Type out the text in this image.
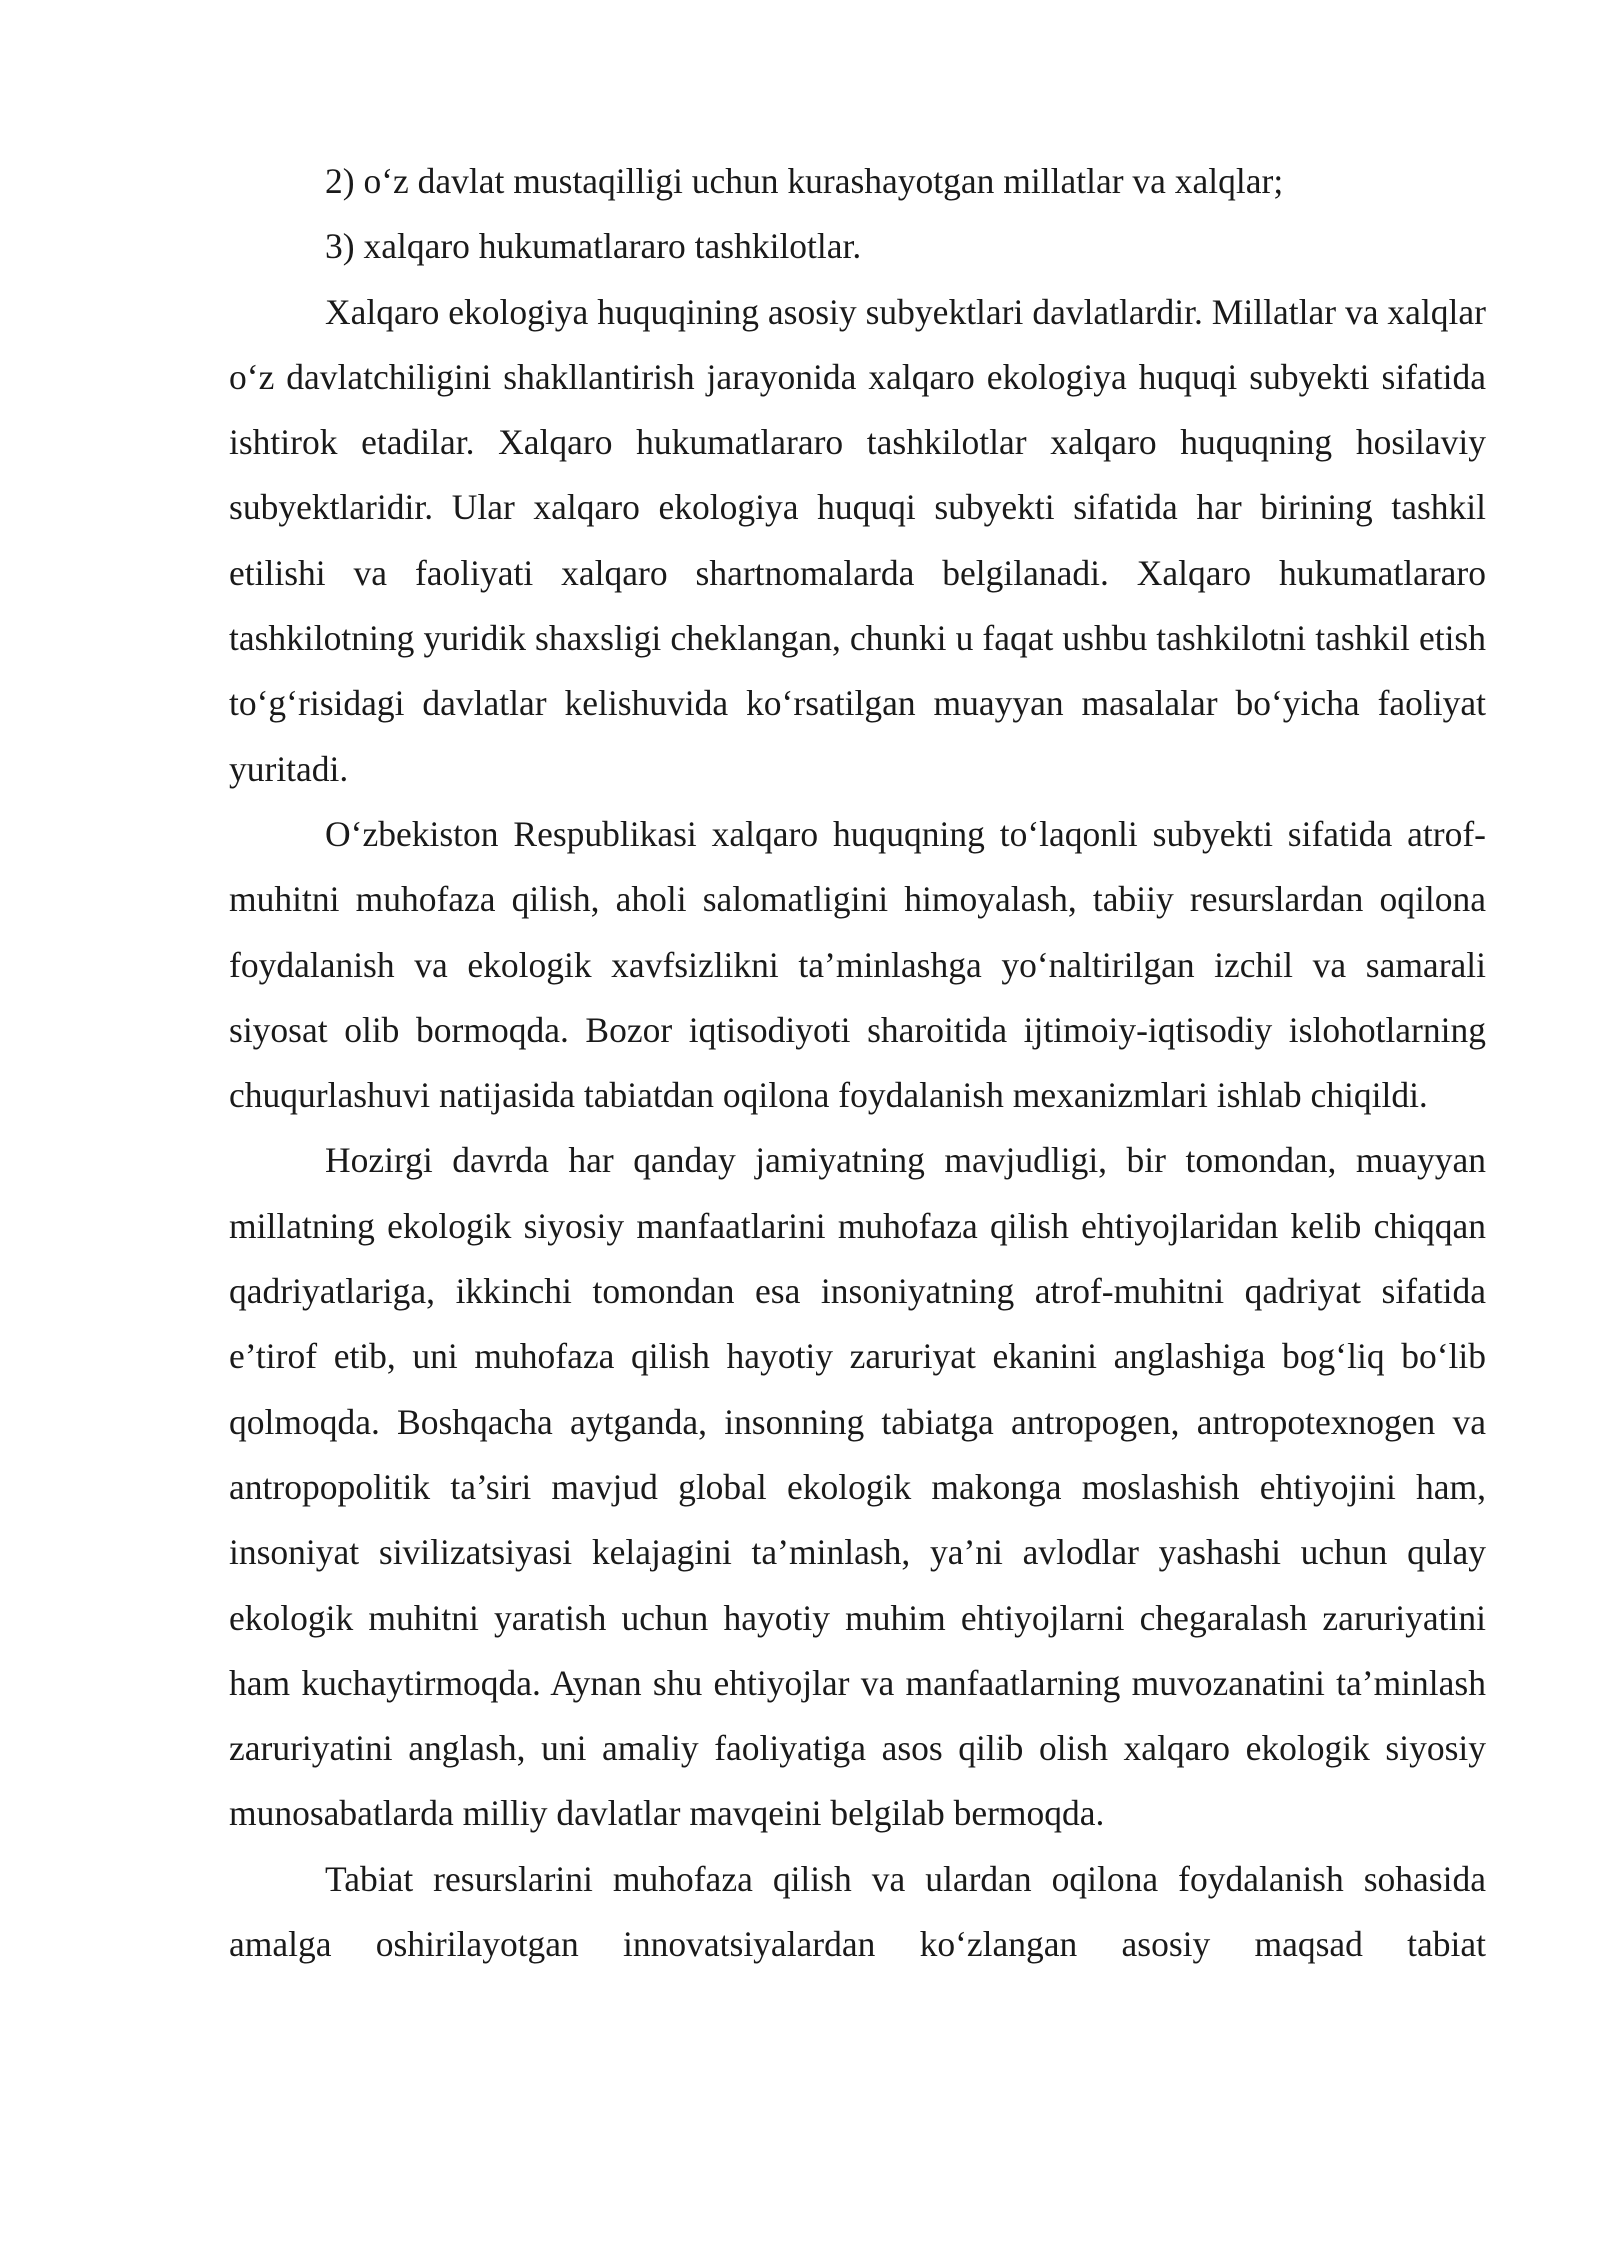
2) o‘z davlat mustaqilligi uchun kurashayotgan millatlar va xalqlar;

3) xalqaro hukumatlararo tashkilotlar.

Xalqaro ekologiya huquqining asosiy subyektlari davlatlardir. Millatlar va xalqlar o‘z davlatchiligini shakllantirish jarayonida xalqaro ekologiya huquqi subyekti sifatida ishtirok etadilar. Xalqaro hukumatlararo tashkilotlar xalqaro huquqning hosilaviy subyektlaridir. Ular xalqaro ekologiya huquqi subyekti sifatida har birining tashkil etilishi va faoliyati xalqaro shartnomalarda belgilanadi. Xalqaro hukumatlararo tashkilotning yuridik shaxsligi cheklangan, chunki u faqat ushbu tashkilotni tashkil etish to‘g‘risidagi davlatlar kelishuvida ko‘rsatilgan muayyan masalalar bo‘yicha faoliyat yuritadi.

O‘zbekiston Respublikasi xalqaro huquqning to‘laqonli subyekti sifatida atrof-muhitni muhofaza qilish, aholi salomatligini himoyalash, tabiiy resurslardan oqilona foydalanish va ekologik xavfsizlikni ta’minlashga yo‘naltirilgan izchil va samarali siyosat olib bormoqda. Bozor iqtisodiyoti sharoitida ijtimoiy-iqtisodiy islohotlarning chuqurlashuvi natijasida tabiatdan oqilona foydalanish mexanizmlari ishlab chiqildi.

Hozirgi davrda har qanday jamiyatning mavjudligi, bir tomondan, muayyan millatning ekologik siyosiy manfaatlarini muhofaza qilish ehtiyojlaridan kelib chiqqan qadriyatlariga, ikkinchi tomondan esa insoniyatning atrof-muhitni qadriyat sifatida e’tirof etib, uni muhofaza qilish hayotiy zaruriyat ekanini anglashiga bog‘liq bo‘lib qolmoqda. Boshqacha aytganda, insonning tabiatga antropogen, antropotexnogen va antropopolitik ta’siri mavjud global ekologik makonga moslashish ehtiyojini ham, insoniyat sivilizatsiyasi kelajagini ta’minlash, ya’ni avlodlar yashashi uchun qulay ekologik muhitni yaratish uchun hayotiy muhim ehtiyojlarni chegaralash zaruriyatini ham kuchaytirmoqda. Aynan shu ehtiyojlar va manfaatlarning muvozanatini ta’minlash zaruriyatini anglash, uni amaliy faoliyatiga asos qilib olish xalqaro ekologik siyosiy munosabatlarda milliy davlatlar mavqeini belgilab bermoqda.

Tabiat resurslarini muhofaza qilish va ulardan oqilona foydalanish sohasida amalga oshirilayotgan innovatsiyalardan ko‘zlangan asosiy maqsad tabiat
